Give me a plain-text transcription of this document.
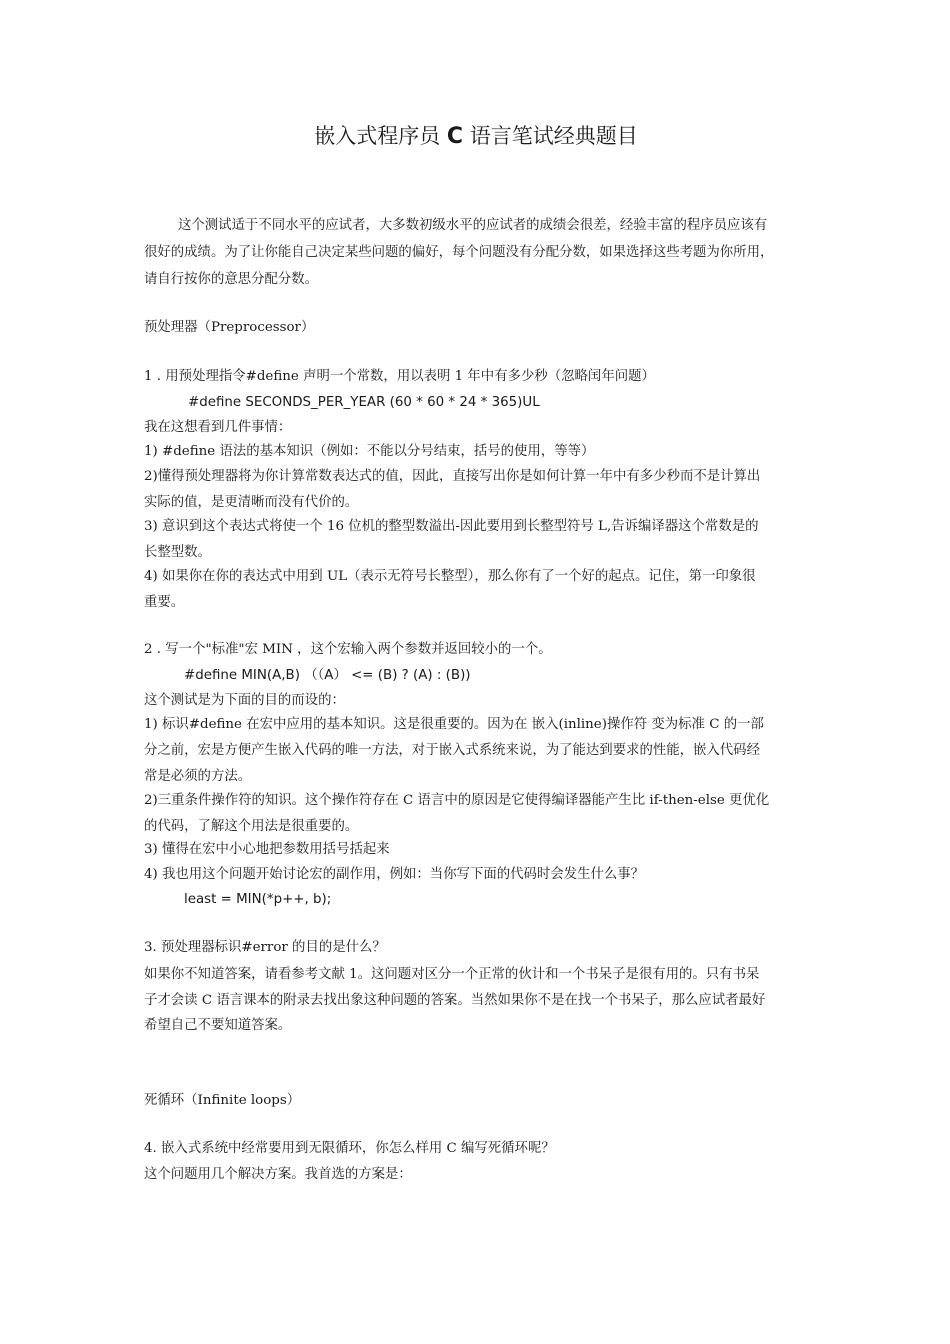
嵌入式程序员 C 语言笔试经典题目
这个测试适于不同水平的应试者，大多数初级水平的应试者的成绩会很差，经验丰富的程序员应该有
很好的成绩。为了让你能自己决定某些问题的偏好，每个问题没有分配分数，如果选择这些考题为你所用，
请自行按你的意思分配分数。
预处理器（Preprocessor）
1 . 用预处理指令#define 声明一个常数，用以表明 1 年中有多少秒（忽略闰年问题）
#define SECONDS_PER_YEAR (60 * 60 * 24 * 365)UL
我在这想看到几件事情：
1) #define 语法的基本知识（例如：不能以分号结束，括号的使用，等等）
2)懂得预处理器将为你计算常数表达式的值，因此，直接写出你是如何计算一年中有多少秒而不是计算出
实际的值，是更清晰而没有代价的。
3) 意识到这个表达式将使一个 16 位机的整型数溢出-因此要用到长整型符号 L,告诉编译器这个常数是的
长整型数。
4) 如果你在你的表达式中用到 UL（表示无符号长整型），那么你有了一个好的起点。记住，第一印象很
重要。
2 . 写一个"标准"宏 MIN ，这个宏输入两个参数并返回较小的一个。
#define MIN(A,B) （（A） <= (B) ? (A) : (B))
这个测试是为下面的目的而设的：
1) 标识#define 在宏中应用的基本知识。这是很重要的。因为在 嵌入(inline)操作符 变为标准 C 的一部
分之前，宏是方便产生嵌入代码的唯一方法，对于嵌入式系统来说，为了能达到要求的性能，嵌入代码经
常是必须的方法。
2)三重条件操作符的知识。这个操作符存在 C 语言中的原因是它使得编译器能产生比 if-then-else 更优化
的代码，了解这个用法是很重要的。
3) 懂得在宏中小心地把参数用括号括起来
4) 我也用这个问题开始讨论宏的副作用，例如：当你写下面的代码时会发生什么事？
least = MIN(*p++, b);
3. 预处理器标识#error 的目的是什么？
如果你不知道答案，请看参考文献 1。这问题对区分一个正常的伙计和一个书呆子是很有用的。只有书呆
子才会读 C 语言课本的附录去找出象这种问题的答案。当然如果你不是在找一个书呆子，那么应试者最好
希望自己不要知道答案。
死循环（Infinite loops）
4. 嵌入式系统中经常要用到无限循环，你怎么样用 C 编写死循环呢？
这个问题用几个解决方案。我首选的方案是：
